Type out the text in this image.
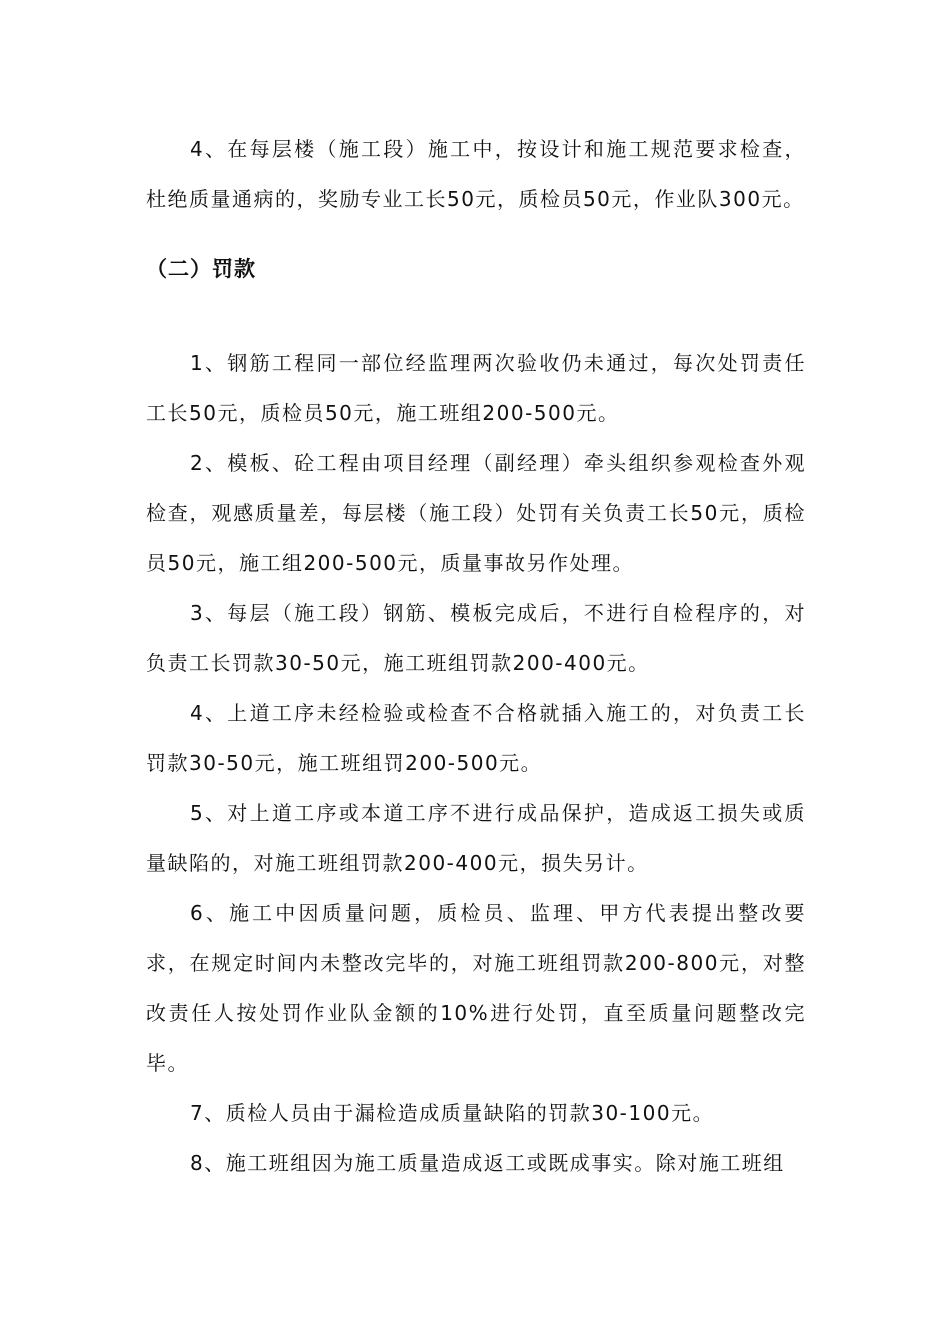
4、在每层楼（施工段）施工中，按设计和施工规范要求检查，杜绝质量通病的，奖励专业工长50元，质检员50元，作业队300元。

（二）罚款

1、钢筋工程同一部位经监理两次验收仍未通过，每次处罚责任工长50元，质检员50元，施工班组200-500元。

2、模板、砼工程由项目经理（副经理）牵头组织参观检查外观检查，观感质量差，每层楼（施工段）处罚有关负责工长50元，质检员50元，施工组200-500元，质量事故另作处理。

3、每层（施工段）钢筋、模板完成后，不进行自检程序的，对负责工长罚款30-50元，施工班组罚款200-400元。

4、上道工序未经检验或检查不合格就插入施工的，对负责工长罚款30-50元，施工班组罚200-500元。

5、对上道工序或本道工序不进行成品保护，造成返工损失或质量缺陷的，对施工班组罚款200-400元，损失另计。

6、施工中因质量问题，质检员、监理、甲方代表提出整改要求，在规定时间内未整改完毕的，对施工班组罚款200-800元，对整改责任人按处罚作业队金额的10%进行处罚，直至质量问题整改完毕。

7、质检人员由于漏检造成质量缺陷的罚款30-100元。

8、施工班组因为施工质量造成返工或既成事实。除对施工班组
